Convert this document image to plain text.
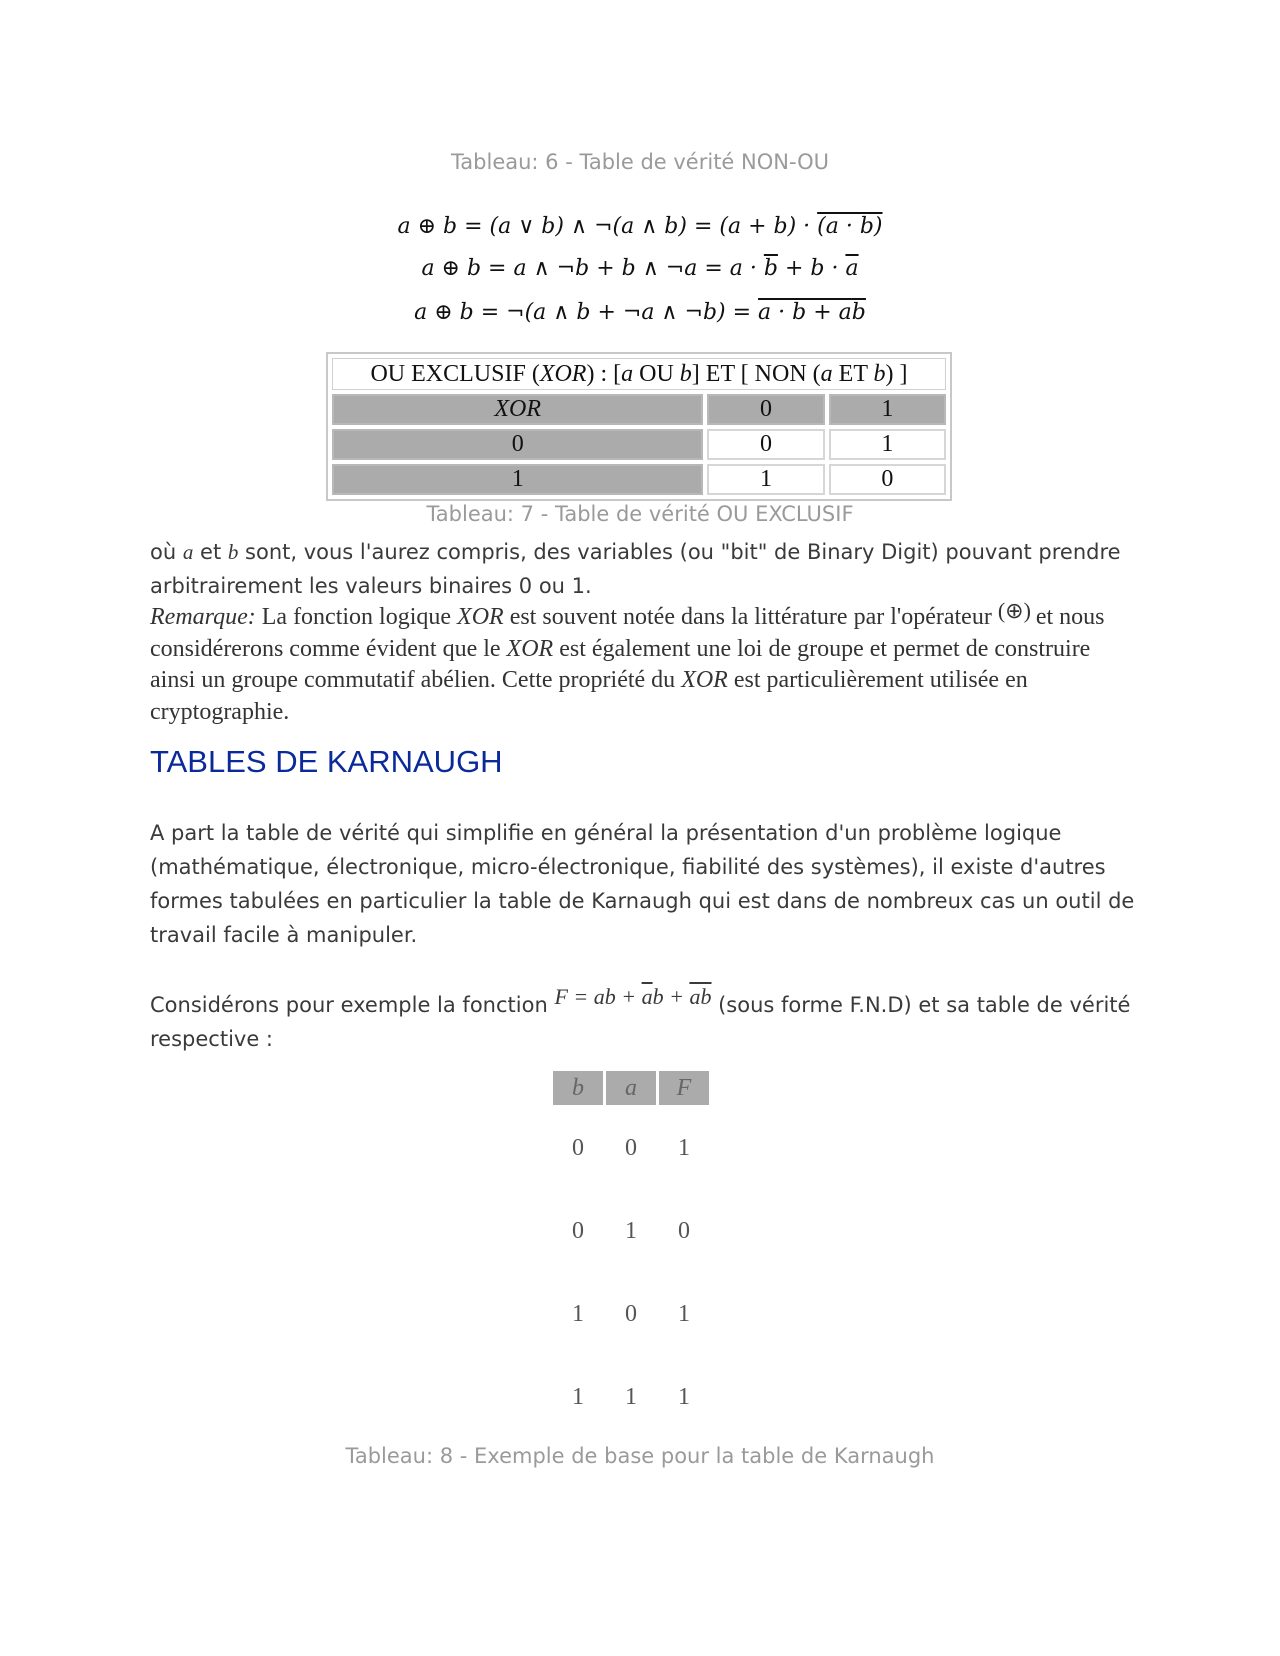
Tableau: 6 - Table de vérité NON-OU
a ⊕ b = (a ∨ b) ∧ ¬(a ∧ b) = (a + b) · (a · b)
a ⊕ b = a ∧ ¬b + b ∧ ¬a = $a \cdot \overline{b} + b \cdot \overline{a}$
a ⊕ b = ¬(a ∧ b + ¬a ∧ ¬b) = a · b + ab
OU EXCLUSIF (XOR) : [a OU b] ET [ NON (a ET b) ]		
XOR	0	1
0	0	1
1	1	0
Tableau: 7 - Table de vérité OU EXCLUSIF
où a et b sont, vous l'aurez compris, des variables (ou "bit" de Binary Digit) pouvant prendre arbitrairement les valeurs binaires 0 ou 1.
Remarque: La fonction logique XOR est souvent notée dans la littérature par l'opérateur (⊕) et nous considérerons comme évident que le XOR est également une loi de groupe et permet de construire ainsi un groupe commutatif abélien. Cette propriété du XOR est particulièrement utilisée en cryptographie.
TABLES DE KARNAUGH
A part la table de vérité qui simplifie en général la présentation d'un problème logique (mathématique, électronique, micro-électronique, fiabilité des systèmes), il existe d'autres formes tabulées en particulier la table de Karnaugh qui est dans de nombreux cas un outil de travail facile à manipuler.
Considérons pour exemple la fonction F = ab + $\overline{a}b$ + ab (sous forme F.N.D) et sa table de vérité respective :
b	a	F
0	0	1
0	1	0
1	0	1
1	1	1
Tableau: 8 - Exemple de base pour la table de Karnaugh
